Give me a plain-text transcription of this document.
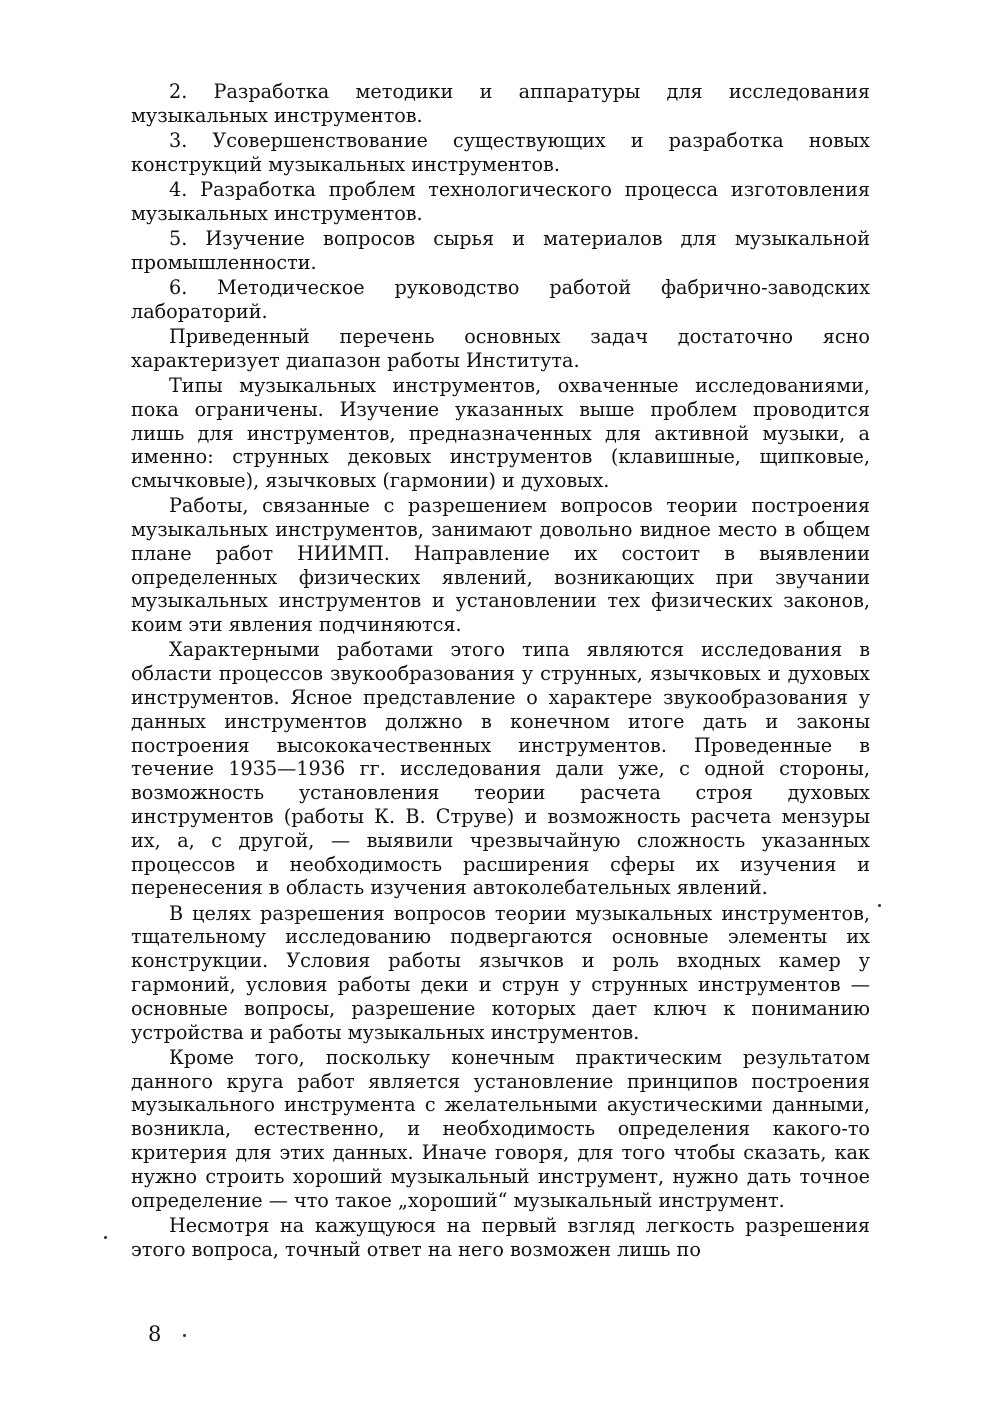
2. Разработка методики и аппаратуры для исследования музыкальных инструментов.

3. Усовершенствование существующих и разработка новых конструкций музыкальных инструментов.

4. Разработка проблем технологического процесса изготовления музыкальных инструментов.

5. Изучение вопросов сырья и материалов для музыкальной промышленности.

6. Методическое руководство работой фабрично-заводских лабораторий.

Приведенный перечень основных задач достаточно ясно характеризует диапазон работы Института.

Типы музыкальных инструментов, охваченные исследованиями, пока ограничены. Изучение указанных выше проблем проводится лишь для инструментов, предназначенных для активной музыки, а именно: струнных дековых инструментов (клавишные, щипковые, смычковые), язычковых (гармонии) и духовых.

Работы, связанные с разрешением вопросов теории построения музыкальных инструментов, занимают довольно видное место в общем плане работ НИИМП. Направление их состоит в выявлении определенных физических явлений, возникающих при звучании музыкальных инструментов и установлении тех физических законов, коим эти явления подчиняются.

Характерными работами этого типа являются исследования в области процессов звукообразования у струнных, язычковых и духовых инструментов. Ясное представление о характере звукообразования у данных инструментов должно в конечном итоге дать и законы построения высококачественных инструментов. Проведенные в течение 1935—1936 гг. исследования дали уже, с одной стороны, возможность установления теории расчета строя духовых инструментов (работы К. В. Струве) и возможность расчета мензуры их, а, с другой, — выявили чрезвычайную сложность указанных процессов и необходимость расширения сферы их изучения и перенесения в область изучения автоколебательных явлений.

В целях разрешения вопросов теории музыкальных инструментов, тщательному исследованию подвергаются основные элементы их конструкции. Условия работы язычков и роль входных камер у гармоний, условия работы деки и струн у струнных инструментов — основные вопросы, разрешение которых дает ключ к пониманию устройства и работы музыкальных инструментов.

Кроме того, поскольку конечным практическим результатом данного круга работ является установление принципов построения музыкального инструмента с желательными акустическими данными, возникла, естественно, и необходимость определения какого-то критерия для этих данных. Иначе говоря, для того чтобы сказать, как нужно строить хороший музыкальный инструмент, нужно дать точное определение — что такое „хороший“ музыкальный инструмент.

Несмотря на кажущуюся на первый взгляд легкость разрешения этого вопроса, точный ответ на него возможен лишь по

8
